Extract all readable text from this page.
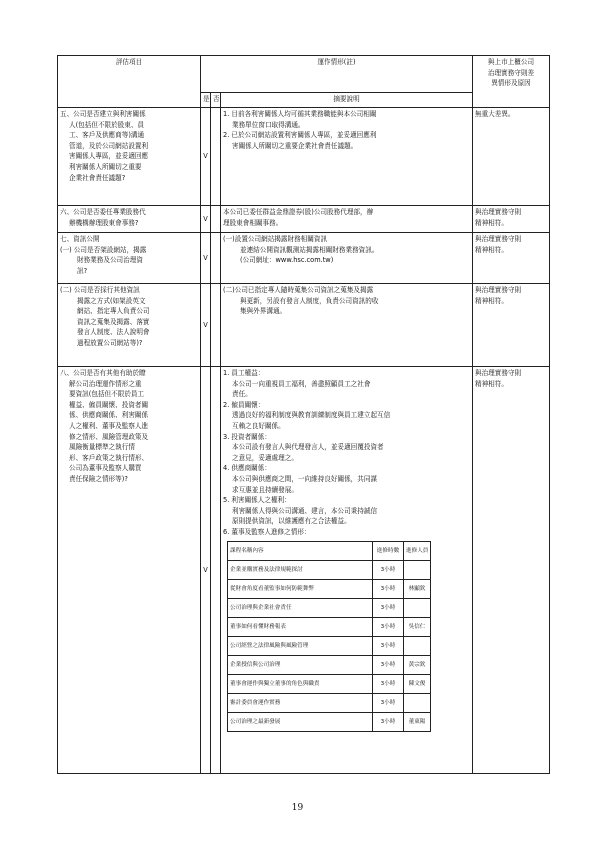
評估項目	運作情形(註)	與上市上櫃公司
治理實務守則差
異情形及原因

是	否	摘要說明

五、公司是否建立與利害關係
人(包括但不限於股東、員
工、客戶及供應商等)溝通
管道，及於公司網站設置利
害關係人專區，並妥適回應
利害關係人所關切之重要
企業社會責任議題?
	V		
1. 目前各利害關係人均可循其業務職能與本公司相關
業務單位窗口取得溝通。
2. 已於公司網站設置利害關係人專區，並妥適回應利
害關係人所關切之重要企業社會責任議題。

無重大差異。

六、公司是否委任專業股務代
辦機構辦理股東會事務?	V		
本公司已委任群益金鼎證券(股)公司股務代理部，辦
理股東會相關事務。

與治理實務守則
精神相符。

七、資訊公開
(一) 公司是否架設網站，揭露
財務業務及公司治理資
訊?
	V		
(一)設置公司網站揭露財務相關資訊
並連結公開資訊觀測站揭露相關財務業務資訊。
(公司網址：www.hsc.com.tw)

與治理實務守則
精神相符。

(二) 公司是否採行其他資訊
揭露之方式(如架設英文
網站、指定專人負責公司
資訊之蒐集及揭露、落實
發言人制度、法人說明會
過程放置公司網站等)?
	V		
(二)公司已指定專人隨時蒐集公司資訊之蒐集及揭露
與更新，另設有發言人制度，負責公司資訊的收
集與外界溝通。

與治理實務守則
精神相符。

八、公司是否有其他有助於瞭
解公司治理運作情形之重
要資訊(包括但不限於員工
權益、僱員關懷、投資者關
係、供應商關係、利害關係
人之權利、董事及監察人進
修之情形、風險管理政策及
風險衡量標準之執行情
形、客戶政策之執行情形、
公司為董事及監察人購買
責任保險之情形等)?
	V		
1. 員工權益：
本公司一向重視員工福利，善盡照顧員工之社會
責任。
2. 僱員關懷：
透過良好的福利制度與教育訓練制度與員工建立起互信
互賴之良好關係。
3. 投資者關係：
本公司設有發言人與代理發言人，並妥適回覆投資者
之意見，妥適處理之。
4. 供應商關係：
本公司與供應商之間，一向維持良好關係，共同謀
求互惠並且持續發展。
5. 利害關係人之權利：
利害關係人得與公司溝通、建言，本公司秉持誠信
原則提供資訊，以維護應有之合法權益。
6. 董事及監察人進修之情形：
課程名稱內容	進修時數	進修人員
企業並購實務及法律規範探討	3小時	
從財會角度看董監事如何防範舞弊	3小時	林顯欽
公司治理與企業社會責任	3小時	
董事如何看懂財務報表	3小時	吳信仁
公司經營之法律風險與風險管理	3小時	
企業授信與公司治理	3小時	黃宗欽
董事會運作與獨立董事的角色與職責	3小時	陳文俊
審計委員會運作實務	3小時	
公司治理之最新發展	3小時	董東陽

與治理實務守則
精神相符。
19
